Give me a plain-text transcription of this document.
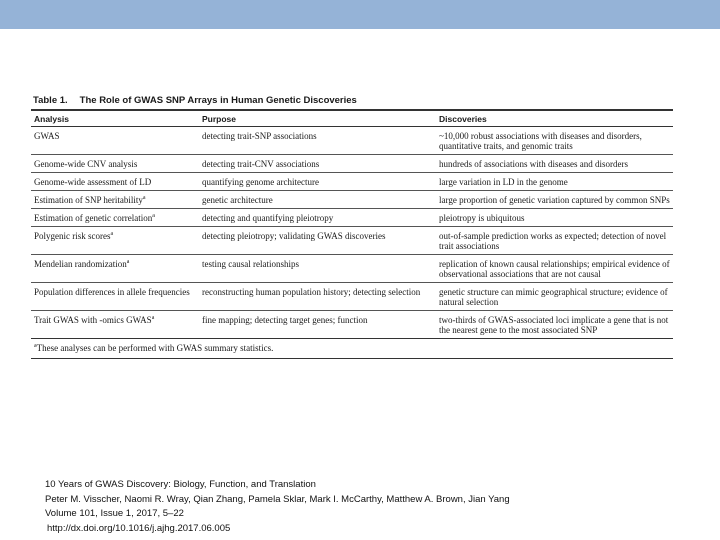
Table 1. The Role of GWAS SNP Arrays in Human Genetic Discoveries
Analysis	Purpose	Discoveries
GWAS	detecting trait-SNP associations	~10,000 robust associations with diseases and disorders, quantitative traits, and genomic traits
Genome-wide CNV analysis	detecting trait-CNV associations	hundreds of associations with diseases and disorders
Genome-wide assessment of LD	quantifying genome architecture	large variation in LD in the genome
Estimation of SNP heritability$^a$	genetic architecture	large proportion of genetic variation captured by common SNPs
Estimation of genetic correlation$^a$	detecting and quantifying pleiotropy	pleiotropy is ubiquitous
Polygenic risk scores$^a$	detecting pleiotropy; validating GWAS discoveries	out-of-sample prediction works as expected; detection of novel trait associations
Mendelian randomization$^a$	testing causal relationships	replication of known causal relationships; empirical evidence of observational associations that are not causal
Population differences in allele frequencies	reconstructing human population history; detecting selection	genetic structure can mimic geographical structure; evidence of natural selection
Trait GWAS with -omics GWAS$^a$	fine mapping; detecting target genes; function	two-thirds of GWAS-associated loci implicate a gene that is not the nearest gene to the most associated SNP
$^a$These analyses can be performed with GWAS summary statistics.
10 Years of GWAS Discovery: Biology, Function, and Translation
Peter M. Visscher, Naomi R. Wray, Qian Zhang, Pamela Sklar, Mark I. McCarthy, Matthew A. Brown, Jian Yang
Volume 101, Issue 1, 2017, 5–22

http://dx.doi.org/10.1016/j.ajhg.2017.06.005
